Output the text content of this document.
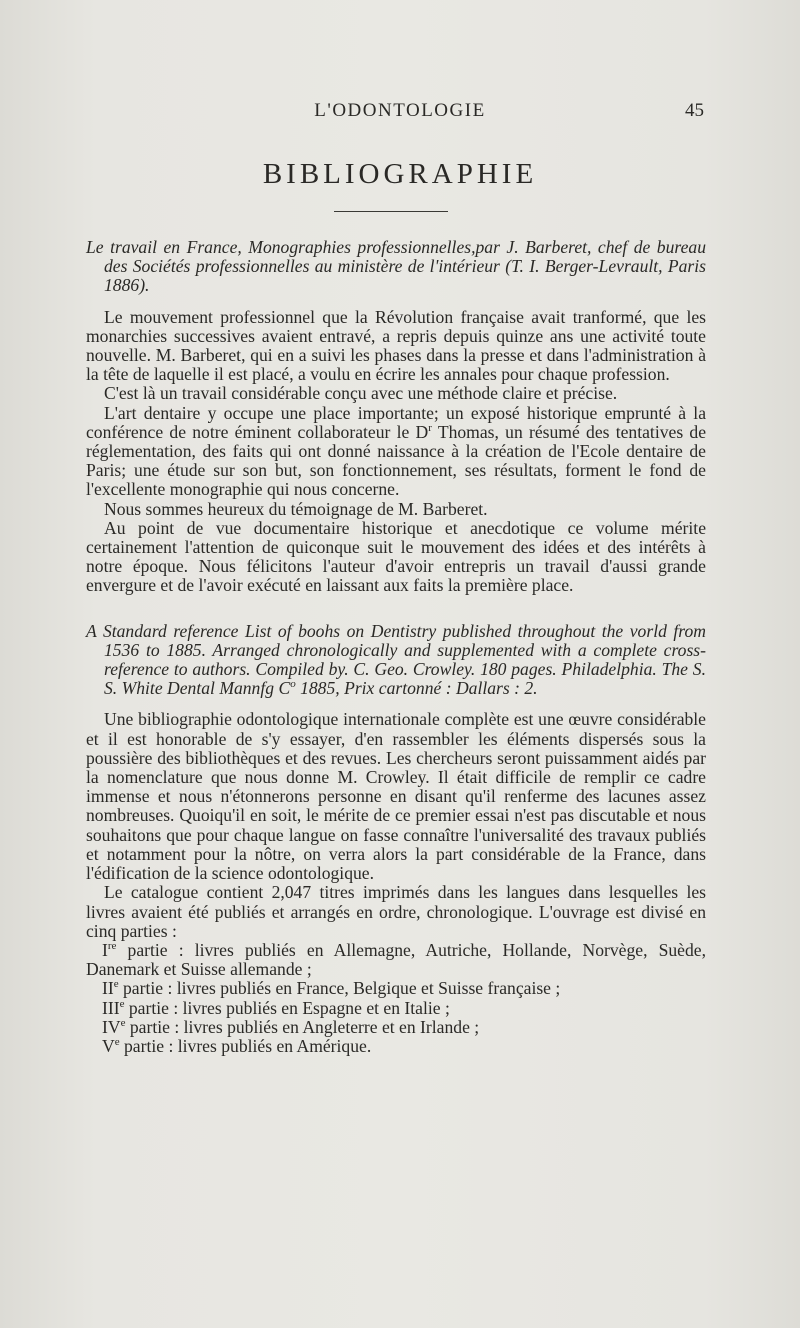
L'ODONTOLOGIE	45
BIBLIOGRAPHIE

Le travail en France, Monographies professionnelles,par J. Barberet, chef de bureau des Sociétés professionnelles au ministère de l'intérieur (T. I. Berger-Levrault, Paris 1886).

Le mouvement professionnel que la Révolution française avait tranformé, que les monarchies successives avaient entravé, a repris depuis quinze ans une activité toute nouvelle. M. Barberet, qui en a suivi les phases dans la presse et dans l'administration à la tête de laquelle il est placé, a voulu en écrire les annales pour chaque profession.

C'est là un travail considérable conçu avec une méthode claire et précise.

L'art dentaire y occupe une place importante; un exposé historique emprunté à la conférence de notre éminent collaborateur le $D^r$ Thomas, un résumé des tentatives de réglementation, des faits qui ont donné naissance à la création de l'Ecole dentaire de Paris; une étude sur son but, son fonctionnement, ses résultats, forment le fond de l'excellente monographie qui nous concerne.

Nous sommes heureux du témoignage de M. Barberet.

Au point de vue documentaire historique et anecdotique ce volume mérite certainement l'attention de quiconque suit le mouvement des idées et des intérêts à notre époque. Nous félicitons l'auteur d'avoir entrepris un travail d'aussi grande envergure et de l'avoir exécuté en laissant aux faits la première place.

A Standard reference List of boohs on Dentistry published throughout the vorld from 1536 to 1885. Arranged chronologically and supplemented with a complete cross-reference to authors. Compiled by. C. Geo. Crowley. 180 pages. Philadelphia. The S. S. White Dental Mannfg $C^o$ 1885, Prix cartonné : Dallars : 2.

Une bibliographie odontologique internationale complète est une œuvre considérable et il est honorable de s'y essayer, d'en rassembler les éléments dispersés sous la poussière des bibliothèques et des revues. Les chercheurs seront puissamment aidés par la nomenclature que nous donne M. Crowley. Il était difficile de remplir ce cadre immense et nous n'étonnerons personne en disant qu'il renferme des lacunes assez nombreuses. Quoiqu'il en soit, le mérite de ce premier essai n'est pas discutable et nous souhaitons que pour chaque langue on fasse connaître l'universalité des travaux publiés et notamment pour la nôtre, on verra alors la part considérable de la France, dans l'édification de la science odontologique.

Le catalogue contient 2,047 titres imprimés dans les langues dans lesquelles les livres avaient été publiés et arrangés en ordre, chronologique. L'ouvrage est divisé en cinq parties :

Ire partie : livres publiés en Allemagne, Autriche, Hollande, Norvège, Suède, Danemark et Suisse allemande ;
IIe partie : livres publiés en France, Belgique et Suisse française ;
IIIe partie : livres publiés en Espagne et en Italie ;
IVe partie : livres publiés en Angleterre et en Irlande ;
Ve partie : livres publiés en Amérique.
